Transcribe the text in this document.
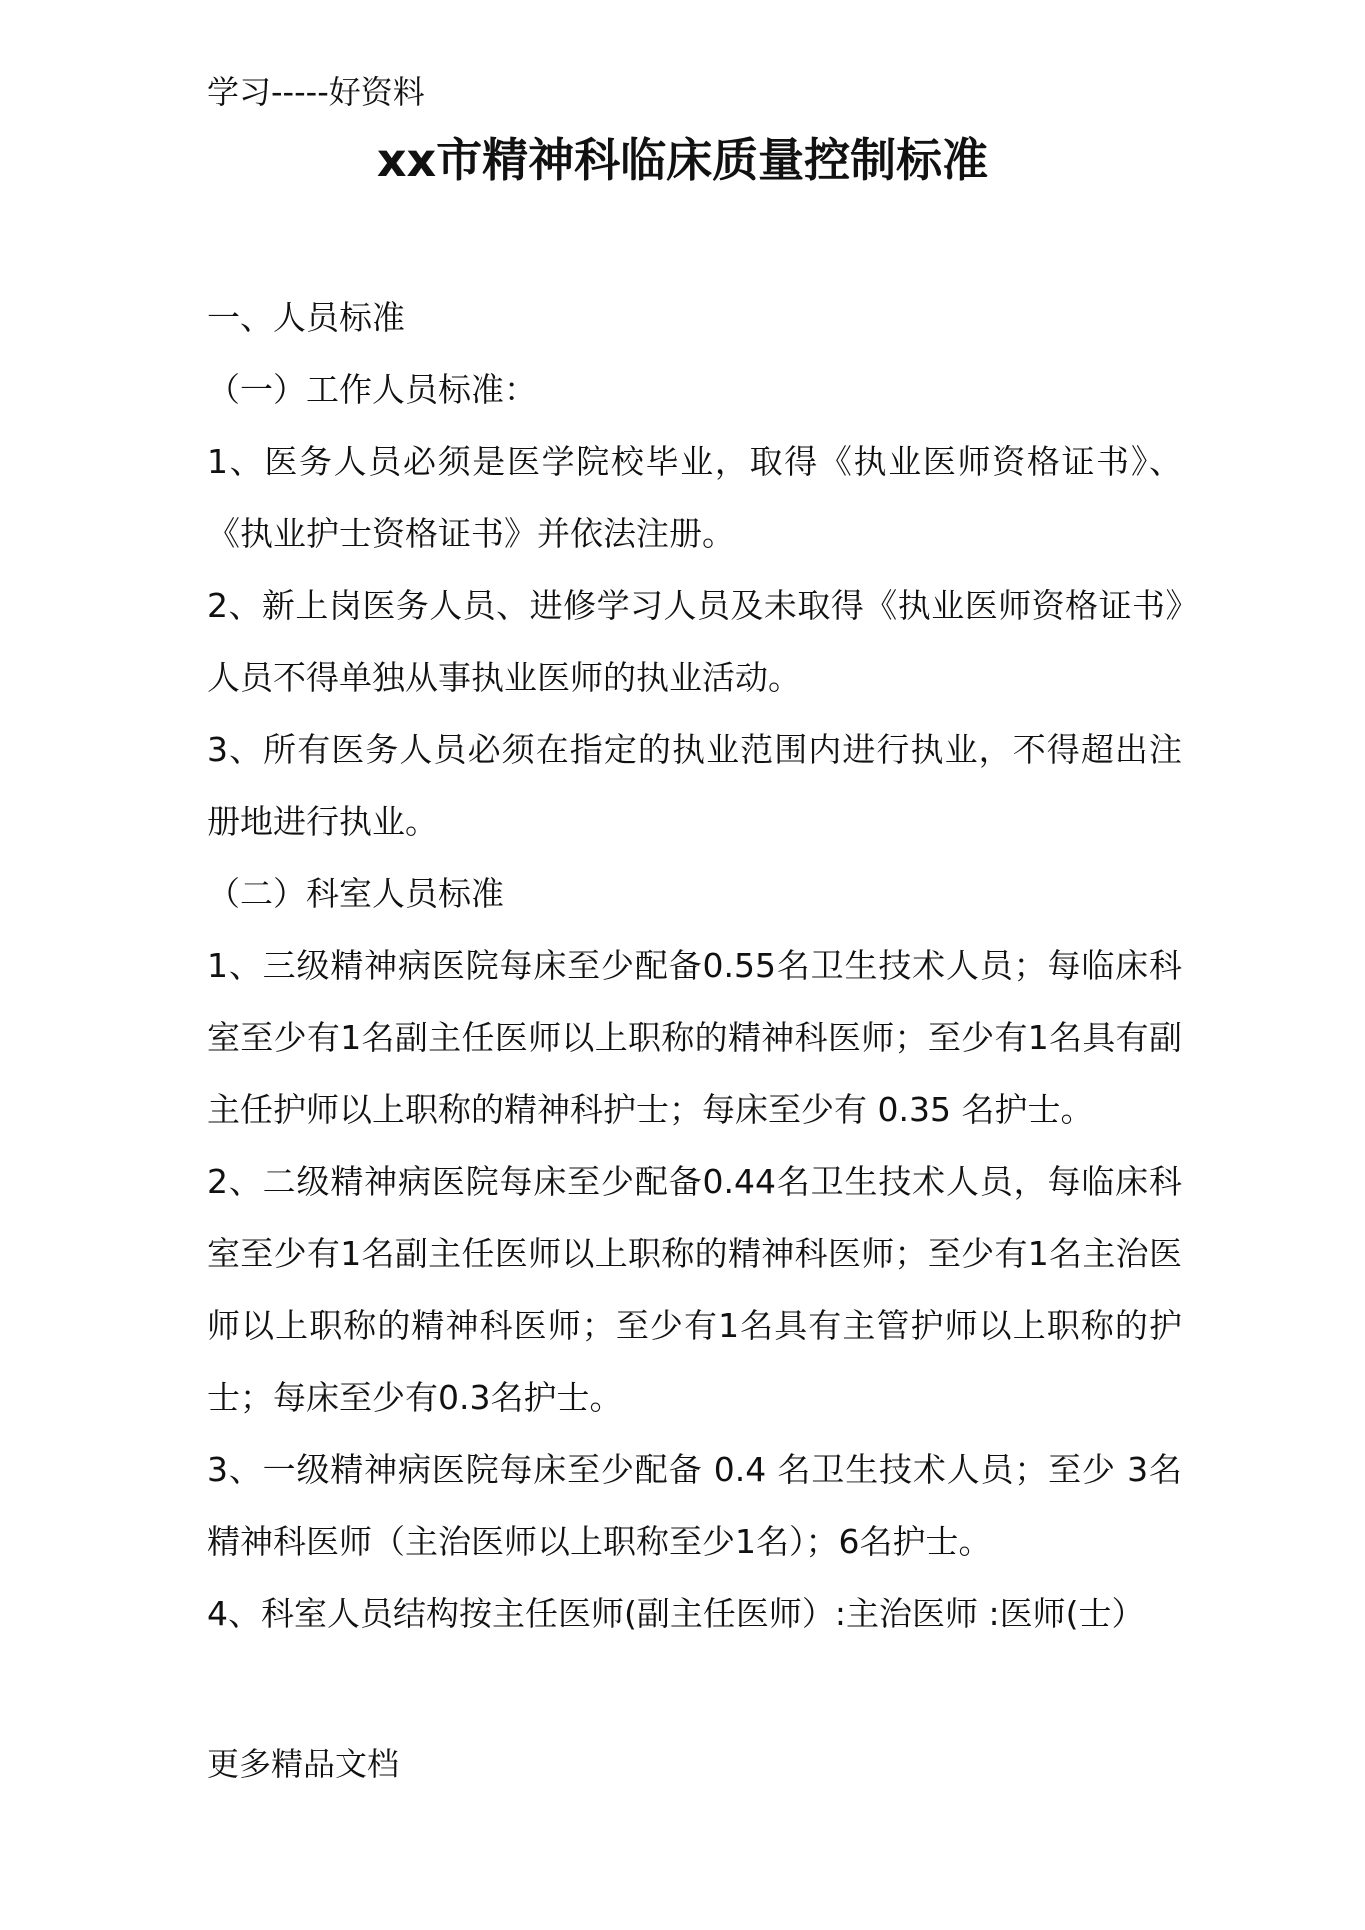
学习-----好资料
xx市精神科临床质量控制标准

一、人员标准

（一）工作人员标准：

1、医务人员必须是医学院校毕业，取得《执业医师资格证书》、《执业护士资格证书》并依法注册。

2、新上岗医务人员、进修学习人员及未取得《执业医师资格证书》人员不得单独从事执业医师的执业活动。

3、所有医务人员必须在指定的执业范围内进行执业，不得超出注册地进行执业。

（二）科室人员标准

1、三级精神病医院每床至少配备0.55名卫生技术人员；每临床科室至少有1名副主任医师以上职称的精神科医师；至少有1名具有副主任护师以上职称的精神科护士；每床至少有 0.35 名护士。

2、二级精神病医院每床至少配备0.44名卫生技术人员，每临床科室至少有1名副主任医师以上职称的精神科医师；至少有1名主治医师以上职称的精神科医师；至少有1名具有主管护师以上职称的护士；每床至少有0.3名护士。

3、一级精神病医院每床至少配备 0.4 名卫生技术人员；至少 3名精神科医师（主治医师以上职称至少1名）；6名护士。

4、科室人员结构按主任医师(副主任医师）:主治医师 :医师(士）

更多精品文档
